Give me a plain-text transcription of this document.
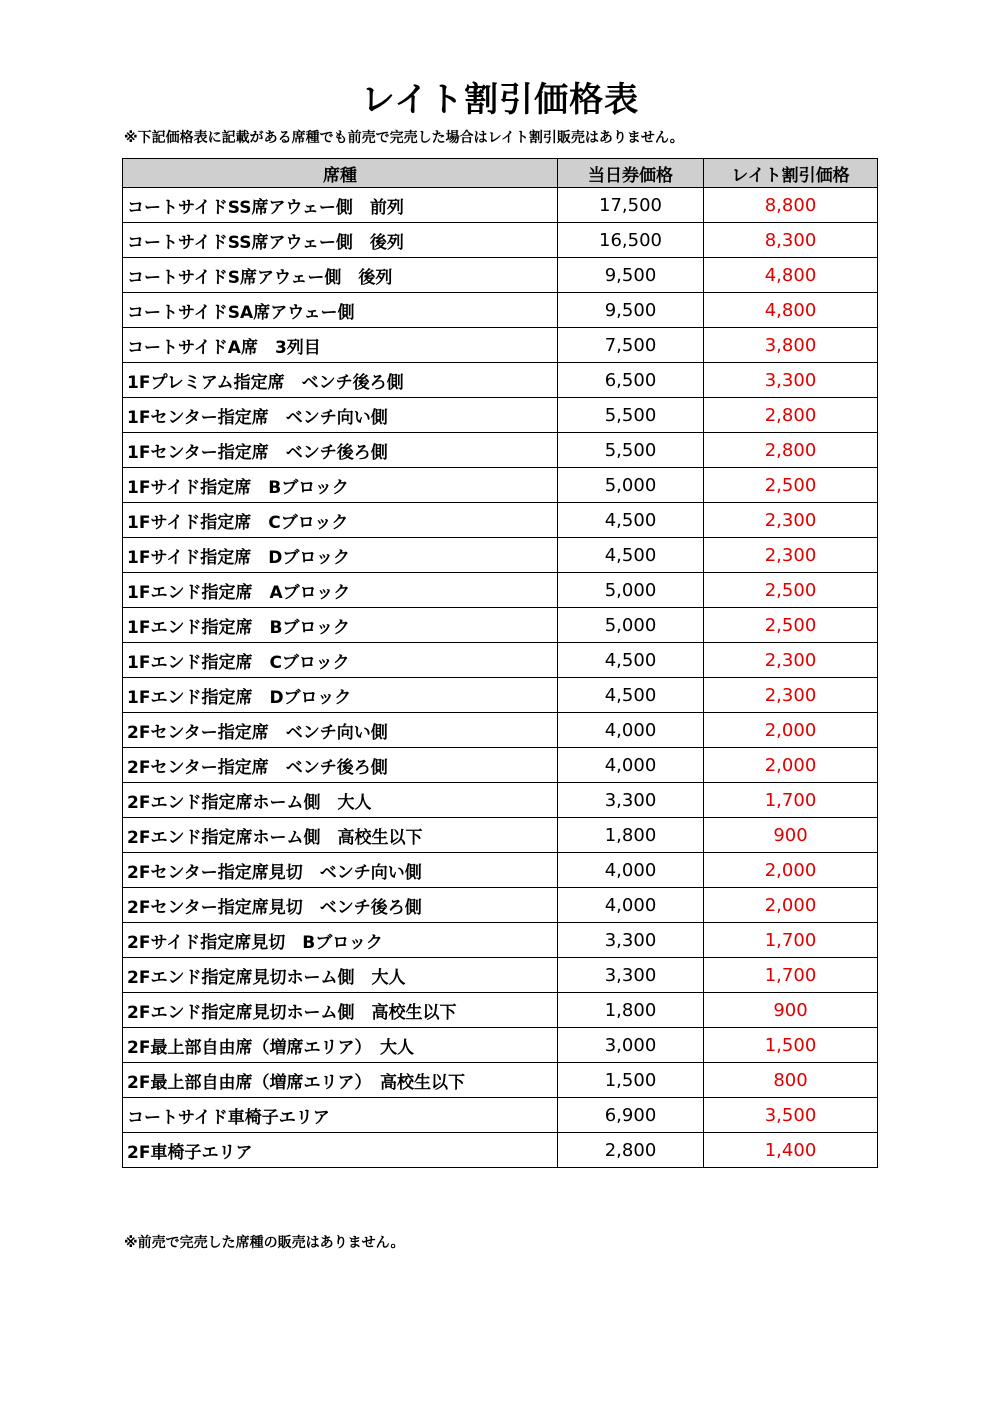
レイト割引価格表
※下記価格表に記載がある席種でも前売で完売した場合はレイト割引販売はありません。
席種	当日券価格	レイト割引価格
コートサイドSS席アウェー側　前列	17,500	8,800
コートサイドSS席アウェー側　後列	16,500	8,300
コートサイドS席アウェー側　後列	9,500	4,800
コートサイドSA席アウェー側	9,500	4,800
コートサイドA席　3列目	7,500	3,800
1Fプレミアム指定席　ベンチ後ろ側	6,500	3,300
1Fセンター指定席　ベンチ向い側	5,500	2,800
1Fセンター指定席　ベンチ後ろ側	5,500	2,800
1Fサイド指定席　Bブロック	5,000	2,500
1Fサイド指定席　Cブロック	4,500	2,300
1Fサイド指定席　Dブロック	4,500	2,300
1Fエンド指定席　Aブロック	5,000	2,500
1Fエンド指定席　Bブロック	5,000	2,500
1Fエンド指定席　Cブロック	4,500	2,300
1Fエンド指定席　Dブロック	4,500	2,300
2Fセンター指定席　ベンチ向い側	4,000	2,000
2Fセンター指定席　ベンチ後ろ側	4,000	2,000
2Fエンド指定席ホーム側　大人	3,300	1,700
2Fエンド指定席ホーム側　高校生以下	1,800	900
2Fセンター指定席見切　ベンチ向い側	4,000	2,000
2Fセンター指定席見切　ベンチ後ろ側	4,000	2,000
2Fサイド指定席見切　Bブロック	3,300	1,700
2Fエンド指定席見切ホーム側　大人	3,300	1,700
2Fエンド指定席見切ホーム側　高校生以下	1,800	900
2F最上部自由席（増席エリア）　大人	3,000	1,500
2F最上部自由席（増席エリア）　高校生以下	1,500	800
コートサイド車椅子エリア	6,900	3,500
2F車椅子エリア	2,800	1,400
※前売で完売した席種の販売はありません。
